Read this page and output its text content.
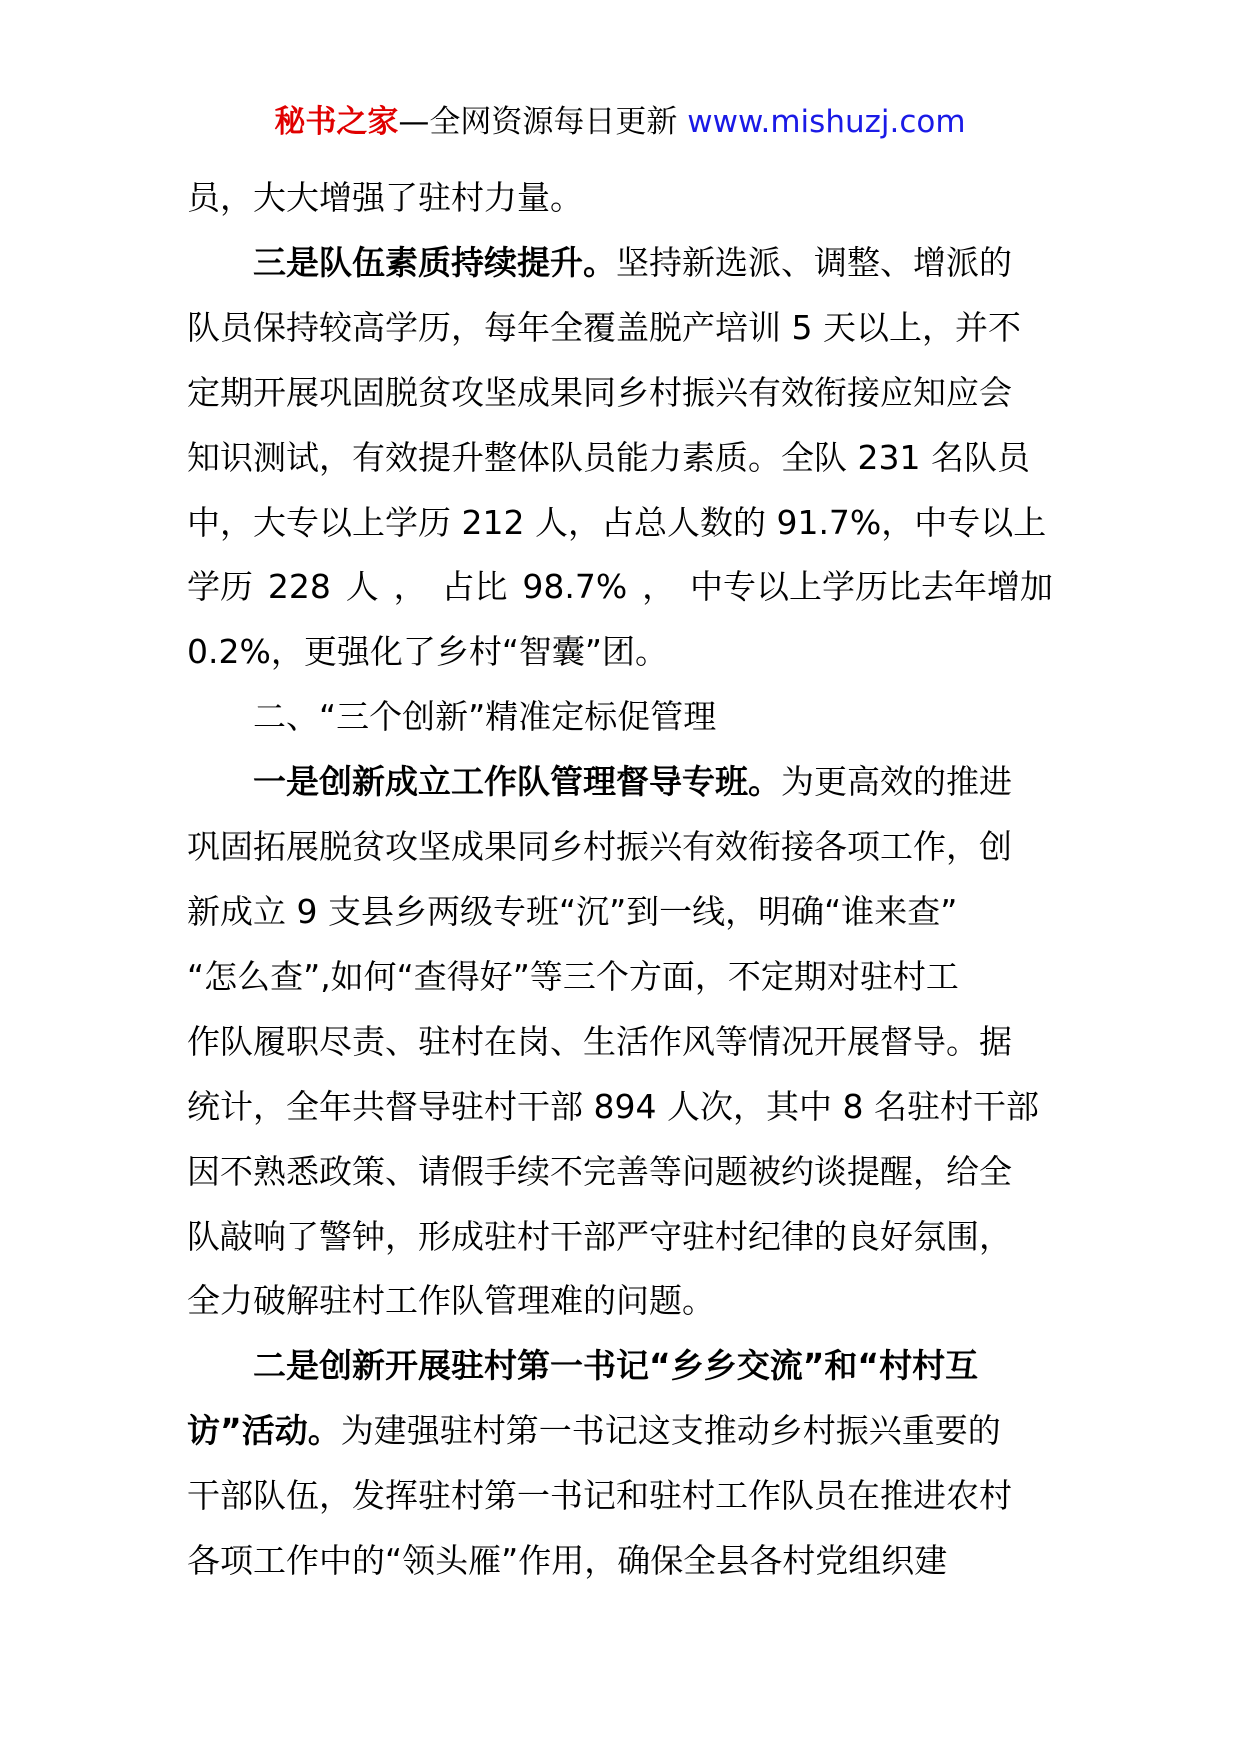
秘书之家—全网资源每日更新 www.mishuzj.com
员，大大增强了驻村力量。
三是队伍素质持续提升。坚持新选派、调整、增派的
队员保持较高学历，每年全覆盖脱产培训 5 天以上，并不
定期开展巩固脱贫攻坚成果同乡村振兴有效衔接应知应会
知识测试，有效提升整体队员能力素质。全队 231 名队员
中，大专以上学历 212 人，占总人数的 91.7%，中专以上
学历 228 人 ， 占比 98.7% ， 中专以上学历比去年增加
0.2%，更强化了乡村“智囊”团。
二、“三个创新”精准定标促管理
一是创新成立工作队管理督导专班。为更高效的推进
巩固拓展脱贫攻坚成果同乡村振兴有效衔接各项工作，创
新成立 9 支县乡两级专班“沉”到一线，明确“谁来查”
“怎么查”,如何“查得好”等三个方面，不定期对驻村工
作队履职尽责、驻村在岗、生活作风等情况开展督导。据
统计，全年共督导驻村干部 894 人次，其中 8 名驻村干部
因不熟悉政策、请假手续不完善等问题被约谈提醒，给全
队敲响了警钟，形成驻村干部严守驻村纪律的良好氛围，
全力破解驻村工作队管理难的问题。
二是创新开展驻村第一书记“乡乡交流”和“村村互
访”活动。为建强驻村第一书记这支推动乡村振兴重要的
干部队伍，发挥驻村第一书记和驻村工作队员在推进农村
各项工作中的“领头雁”作用，确保全县各村党组织建
